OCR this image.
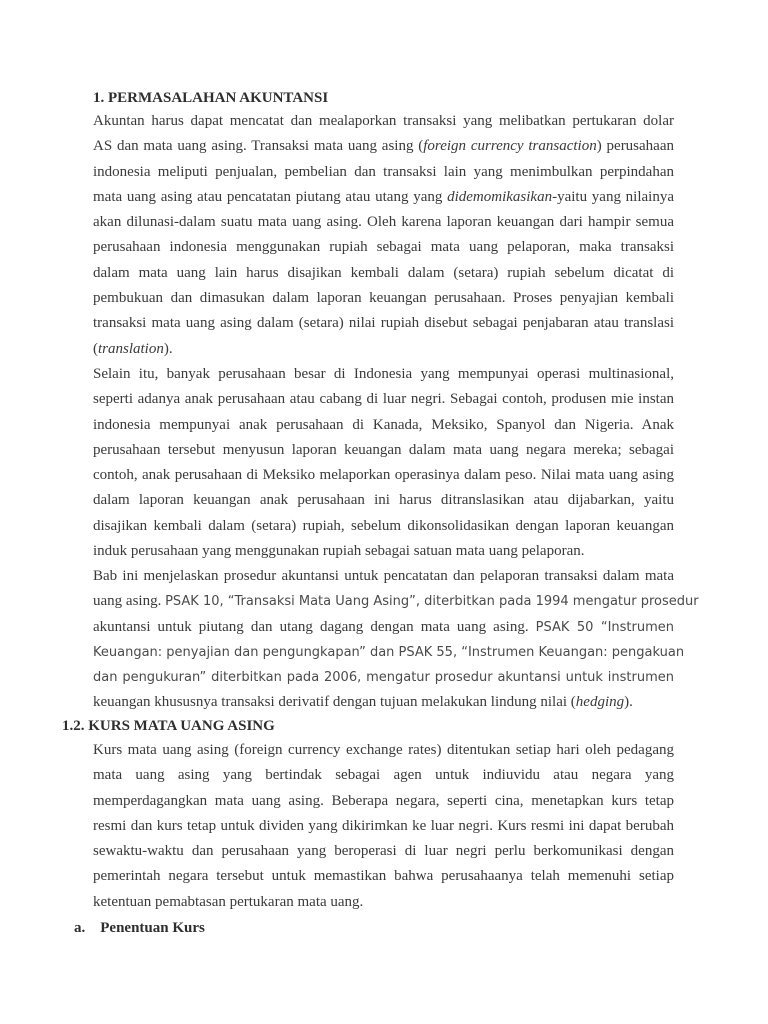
1. PERMASALAHAN AKUNTANSI
Akuntan harus dapat mencatat dan mealaporkan transaksi yang melibatkan pertukaran dolar
AS dan mata uang asing. Transaksi mata uang asing (foreign currency transaction) perusahaan
indonesia meliputi penjualan, pembelian dan transaksi lain yang menimbulkan perpindahan
mata uang asing atau pencatatan piutang atau utang yang didemomikasikan-yaitu yang nilainya
akan dilunasi-dalam suatu mata uang asing. Oleh karena laporan keuangan dari hampir semua
perusahaan indonesia menggunakan rupiah sebagai mata uang pelaporan, maka transaksi
dalam mata uang lain harus disajikan kembali dalam (setara) rupiah sebelum dicatat di
pembukuan dan dimasukan dalam laporan keuangan perusahaan. Proses penyajian kembali
transaksi mata uang asing dalam (setara) nilai rupiah disebut sebagai penjabaran atau translasi
(translation).
Selain itu, banyak perusahaan besar di Indonesia yang mempunyai operasi multinasional,
seperti adanya anak perusahaan atau cabang di luar negri. Sebagai contoh, produsen mie instan
indonesia mempunyai anak perusahaan di Kanada, Meksiko, Spanyol dan Nigeria. Anak
perusahaan tersebut menyusun laporan keuangan dalam mata uang negara mereka; sebagai
contoh, anak perusahaan di Meksiko melaporkan operasinya dalam peso. Nilai mata uang asing
dalam laporan keuangan anak perusahaan ini harus ditranslasikan atau dijabarkan, yaitu
disajikan kembali dalam (setara) rupiah, sebelum dikonsolidasikan dengan laporan keuangan
induk perusahaan yang menggunakan rupiah sebagai satuan mata uang pelaporan.
Bab ini menjelaskan prosedur akuntansi untuk pencatatan dan pelaporan transaksi dalam mata
uang asing. PSAK 10, “Transaksi Mata Uang Asing”, diterbitkan pada 1994 mengatur prosedur
akuntansi untuk piutang dan utang dagang dengan mata uang asing. PSAK 50 “Instrumen
Keuangan: penyajian dan pengungkapan” dan PSAK 55, “Instrumen Keuangan: pengakuan
dan pengukuran” diterbitkan pada 2006, mengatur prosedur akuntansi untuk instrumen
keuangan khususnya transaksi derivatif dengan tujuan melakukan lindung nilai (hedging).
1.2. KURS MATA UANG ASING
Kurs mata uang asing (foreign currency exchange rates) ditentukan setiap hari oleh pedagang
mata uang asing yang bertindak sebagai agen untuk indiuvidu atau negara yang
memperdagangkan mata uang asing. Beberapa negara, seperti cina, menetapkan kurs tetap
resmi dan kurs tetap untuk dividen yang dikirimkan ke luar negri. Kurs resmi ini dapat berubah
sewaktu-waktu dan perusahaan yang beroperasi di luar negri perlu berkomunikasi dengan
pemerintah negara tersebut untuk memastikan bahwa perusahaanya telah memenuhi setiap
ketentuan pemabtasan pertukaran mata uang.
a.    Penentuan Kurs
